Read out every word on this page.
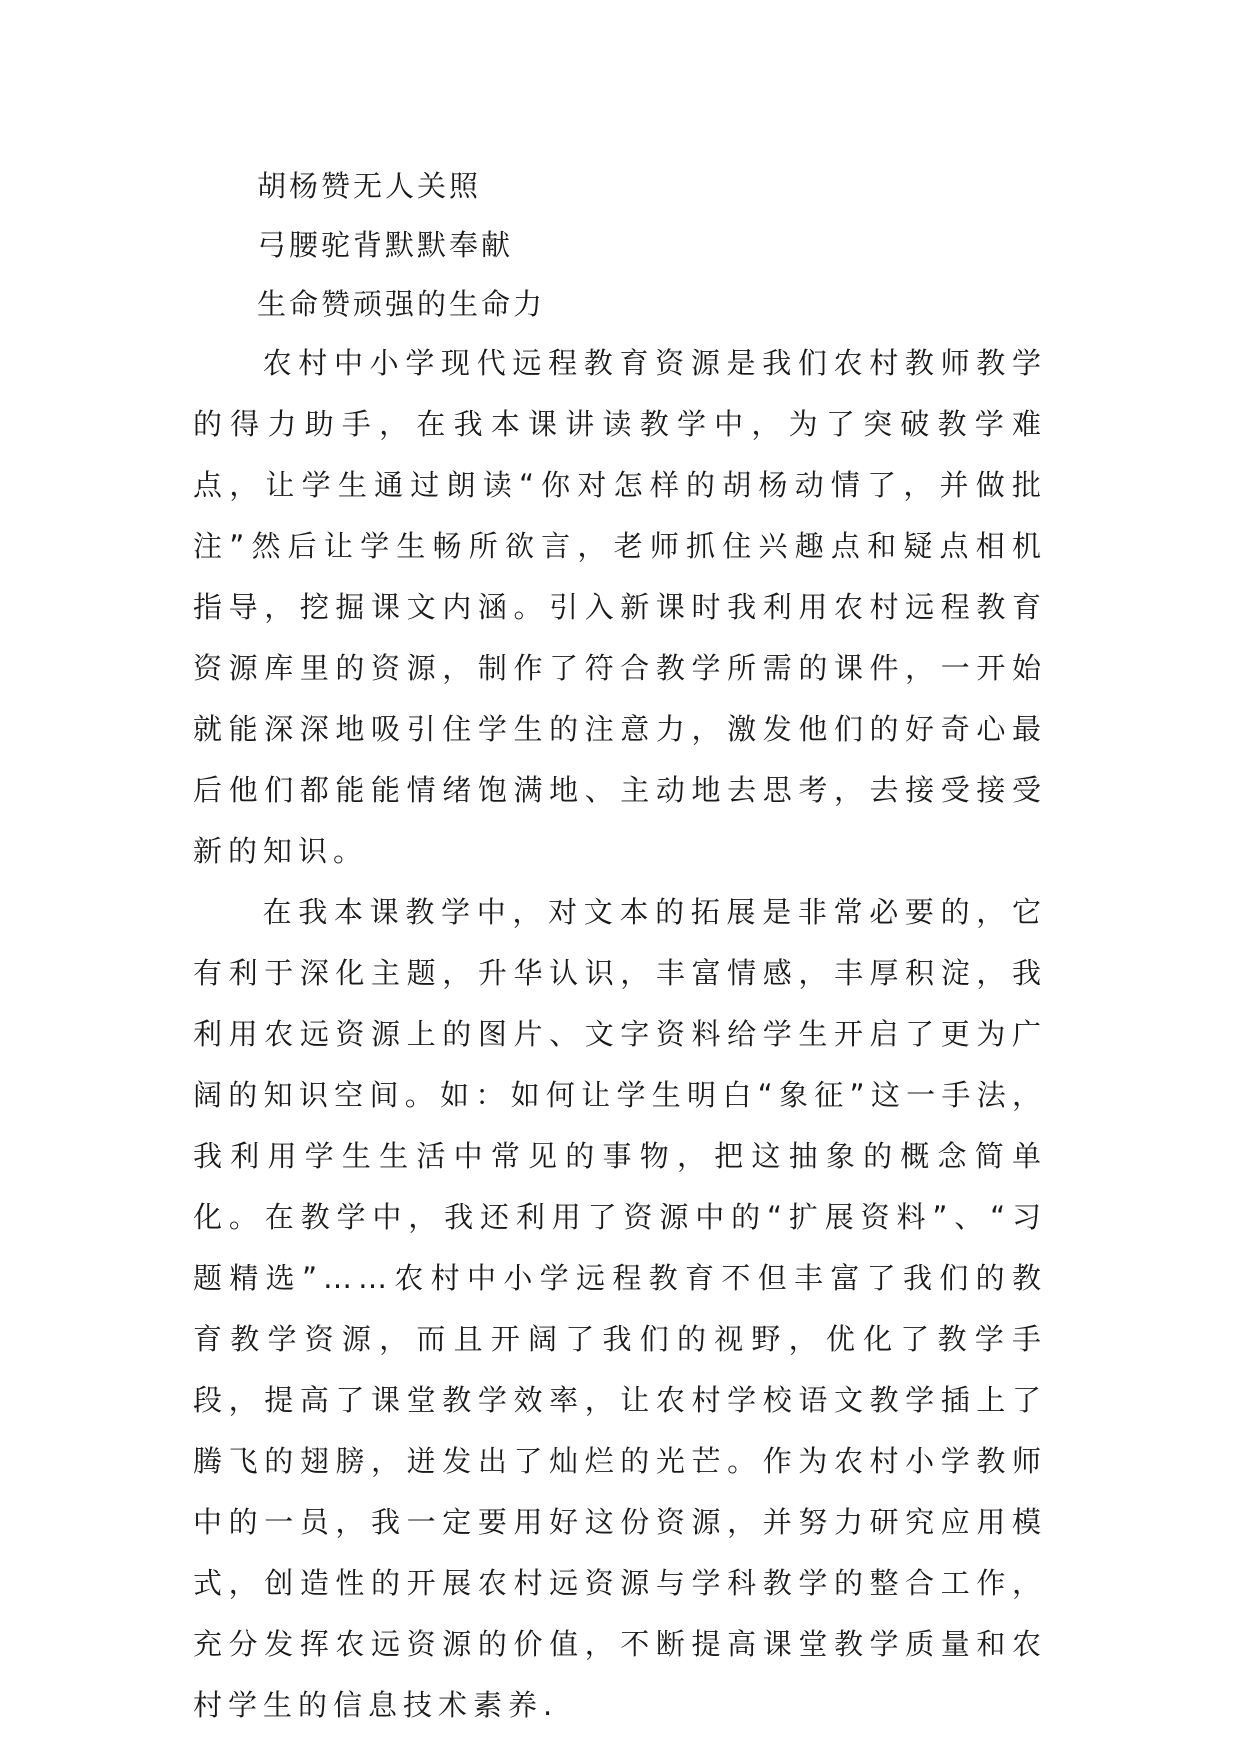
胡杨赞无人关照
弓腰驼背默默奉献
生命赞顽强的生命力

农村中小学现代远程教育资源是我们农村教师教学的得力助手，在我本课讲读教学中，为了突破教学难点，让学生通过朗读“你对怎样的胡杨动情了，并做批注”然后让学生畅所欲言，老师抓住兴趣点和疑点相机指导，挖掘课文内涵。引入新课时我利用农村远程教育资源库里的资源，制作了符合教学所需的课件，一开始就能深深地吸引住学生的注意力，激发他们的好奇心最后他们都能能情绪饱满地、主动地去思考，去接受接受新的知识。

在我本课教学中，对文本的拓展是非常必要的，它有利于深化主题，升华认识，丰富情感，丰厚积淀，我利用农远资源上的图片、文字资料给学生开启了更为广阔的知识空间。如：如何让学生明白“象征”这一手法，我利用学生生活中常见的事物，把这抽象的概念简单化。在教学中，我还利用了资源中的“扩展资料”、“习题精选”……农村中小学远程教育不但丰富了我们的教育教学资源，而且开阔了我们的视野，优化了教学手段，提高了课堂教学效率，让农村学校语文教学插上了腾飞的翅膀，迸发出了灿烂的光芒。作为农村小学教师中的一员，我一定要用好这份资源，并努力研究应用模式，创造性的开展农村远资源与学科教学的整合工作，充分发挥农远资源的价值，不断提高课堂教学质量和农村学生的信息技术素养.
